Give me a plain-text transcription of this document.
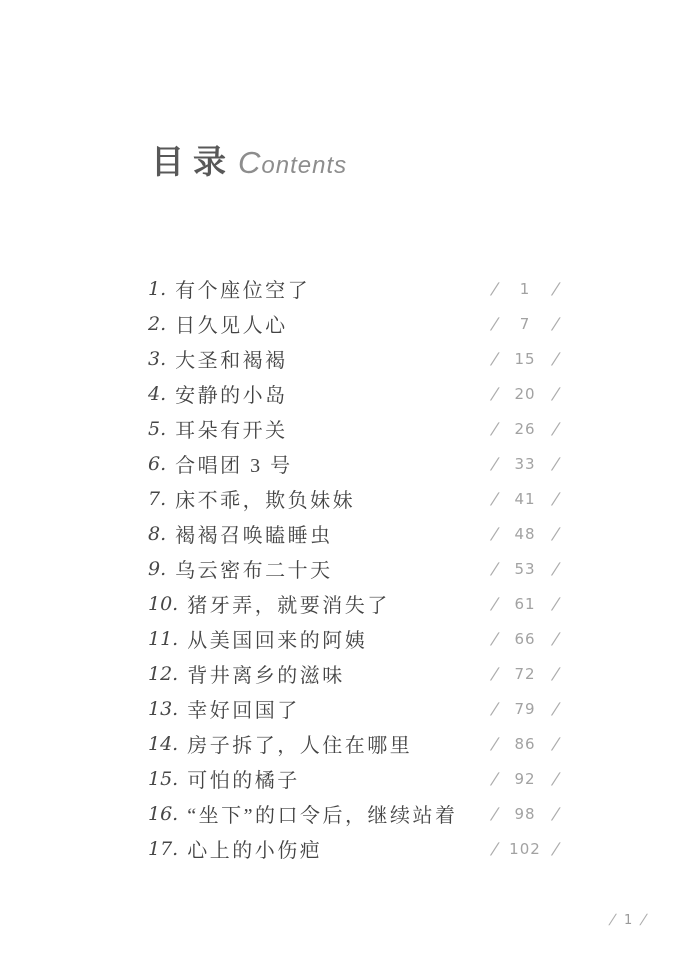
目录 Contents
1. 有个座位空了	/	1	/
2. 日久见人心	/	7	/
3. 大圣和褐褐	/	15 /
4. 安静的小岛	/	20 /
5. 耳朵有开关	/	26 /
6. 合唱团 3 号	/	33 /
7. 床不乖，欺负妹妹	/	41 /
8. 褐褐召唤瞌睡虫	/	48 /
9. 乌云密布二十天	/	53 /
10. 猪牙弄，就要消失了	/	61 /
11. 从美国回来的阿姨	/	66 /
12. 背井离乡的滋味	/	72 /
13. 幸好回国了	/	79 /
14. 房子拆了，人住在哪里	/	86 /
15. 可怕的橘子	/	92 /
16. “坐下”的口令后，继续站着 /	98 /
17. 心上的小伤疤	/ 102 /
/ 1 /
